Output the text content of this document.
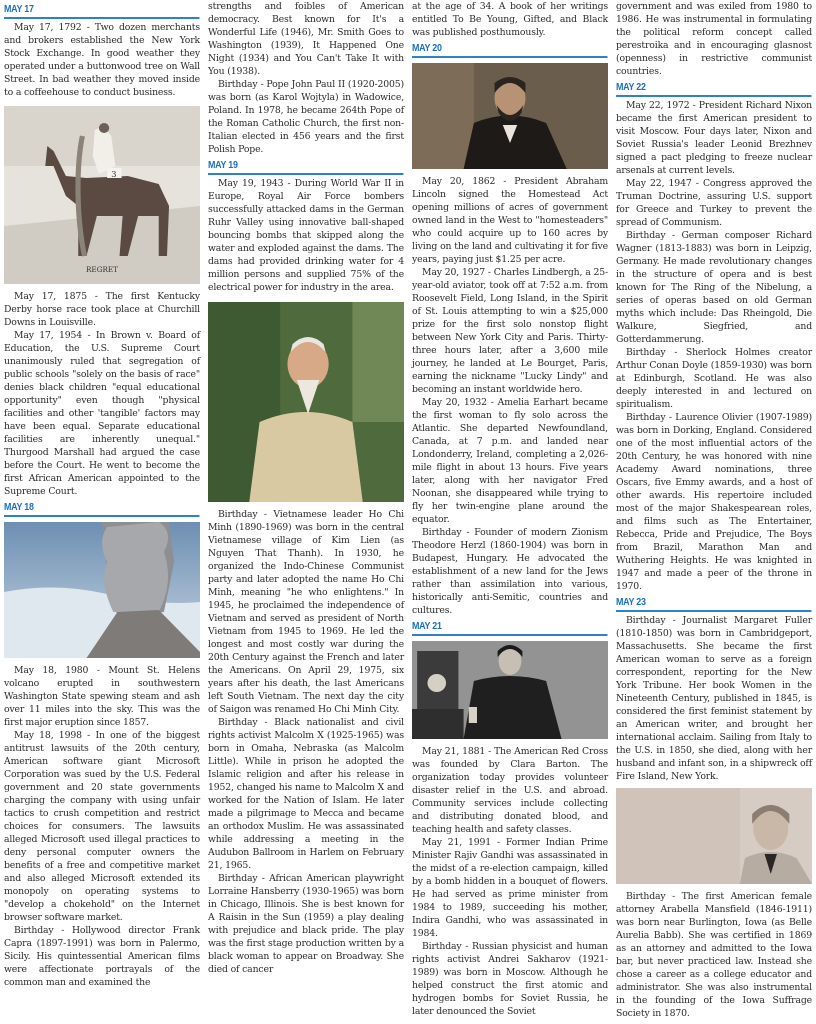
MAY 17

May 17, 1792 - Two dozen merchants and brokers established the New York Stock Exchange. In good weather they operated under a buttonwood tree on Wall Street. In bad weather they moved inside to a coffeehouse to conduct business.

3
REGRET

May 17, 1875 - The first Kentucky Derby horse race took place at Churchill Downs in Louisville.

May 17, 1954 - In Brown v. Board of Education, the U.S. Supreme Court unanimously ruled that segregation of public schools "solely on the basis of race" denies black children "equal educational opportunity" even though "physical facilities and other 'tangible' factors may have been equal. Separate educational facilities are inherently unequal." Thurgood Marshall had argued the case before the Court. He went to become the first African American appointed to the Supreme Court.

MAY 18

May 18, 1980 - Mount St. Helens volcano erupted in southwestern Washington State spewing steam and ash over 11 miles into the sky. This was the first major eruption since 1857.

May 18, 1998 - In one of the biggest antitrust lawsuits of the 20th century, American software giant Microsoft Corporation was sued by the U.S. Federal government and 20 state governments charging the company with using unfair tactics to crush competition and restrict choices for consumers. The lawsuits alleged Microsoft used illegal practices to deny personal computer owners the benefits of a free and competitive market and also alleged Microsoft extended its monopoly on operating systems to "develop a chokehold" on the Internet browser software market.

Birthday - Hollywood director Frank Capra (1897-1991) was born in Palermo, Sicily. His quintessential American films were affectionate portrayals of the common man and examined the

strengths and foibles of American democracy. Best known for It's a Wonderful Life (1946), Mr. Smith Goes to Washington (1939), It Happened One Night (1934) and You Can't Take It with You (1938).

Birthday - Pope John Paul II (1920-2005) was born (as Karol Wojtyla) in Wadowice, Poland. In 1978, he became 264th Pope of the Roman Catholic Church, the first non-Italian elected in 456 years and the first Polish Pope.

MAY 19

May 19, 1943 - During World War II in Europe, Royal Air Force bombers successfully attacked dams in the German Ruhr Valley using innovative ball-shaped bouncing bombs that skipped along the water and exploded against the dams. The dams had provided drinking water for 4 million persons and supplied 75% of the electrical power for industry in the area.

Birthday - Vietnamese leader Ho Chi Minh (1890-1969) was born in the central Vietnamese village of Kim Lien (as Nguyen That Thanh). In 1930, he organized the Indo-Chinese Communist party and later adopted the name Ho Chi Minh, meaning "he who enlightens." In 1945, he proclaimed the independence of Vietnam and served as president of North Vietnam from 1945 to 1969. He led the longest and most costly war during the 20th Century against the French and later the Americans. On April 29, 1975, six years after his death, the last Americans left South Vietnam. The next day the city of Saigon was renamed Ho Chi Minh City.

Birthday - Black nationalist and civil rights activist Malcolm X (1925-1965) was born in Omaha, Nebraska (as Malcolm Little). While in prison he adopted the Islamic religion and after his release in 1952, changed his name to Malcolm X and worked for the Nation of Islam. He later made a pilgrimage to Mecca and became an orthodox Muslim. He was assassinated while addressing a meeting in the Audubon Ballroom in Harlem on February 21, 1965.

Birthday - African American playwright Lorraine Hansberry (1930-1965) was born in Chicago, Illinois. She is best known for A Raisin in the Sun (1959) a play dealing with prejudice and black pride. The play was the first stage production written by a black woman to appear on Broadway. She died of cancer

at the age of 34. A book of her writings entitled To Be Young, Gifted, and Black was published posthumously.

MAY 20

May 20, 1862 - President Abraham Lincoln signed the Homestead Act opening millions of acres of government owned land in the West to "homesteaders" who could acquire up to 160 acres by living on the land and cultivating it for five years, paying just $1.25 per acre.

May 20, 1927 - Charles Lindbergh, a 25-year-old aviator, took off at 7:52 a.m. from Roosevelt Field, Long Island, in the Spirit of St. Louis attempting to win a $25,000 prize for the first solo nonstop flight between New York City and Paris. Thirty-three hours later, after a 3,600 mile journey, he landed at Le Bourget, Paris, earning the nickname "Lucky Lindy" and becoming an instant worldwide hero.

May 20, 1932 - Amelia Earhart became the first woman to fly solo across the Atlantic. She departed Newfoundland, Canada, at 7 p.m. and landed near Londonderry, Ireland, completing a 2,026-mile flight in about 13 hours. Five years later, along with her navigator Fred Noonan, she disappeared while trying to fly her twin-engine plane around the equator.

Birthday - Founder of modern Zionism Theodore Herzl (1860-1904) was born in Budapest, Hungary. He advocated the establishment of a new land for the Jews rather than assimilation into various, historically anti-Semitic, countries and cultures.

MAY 21

May 21, 1881 - The American Red Cross was founded by Clara Barton. The organization today provides volunteer disaster relief in the U.S. and abroad. Community services include collecting and distributing donated blood, and teaching health and safety classes.

May 21, 1991 - Former Indian Prime Minister Rajiv Gandhi was assassinated in the midst of a re-election campaign, killed by a bomb hidden in a bouquet of flowers. He had served as prime minister from 1984 to 1989, succeeding his mother, Indira Gandhi, who was assassinated in 1984.

Birthday - Russian physicist and human rights activist Andrei Sakharov (1921-1989) was born in Moscow. Although he helped construct the first atomic and hydrogen bombs for Soviet Russia, he later denounced the Soviet

government and was exiled from 1980 to 1986. He was instrumental in formulating the political reform concept called perestroika and in encouraging glasnost (openness) in restrictive communist countries.

MAY 22

May 22, 1972 - President Richard Nixon became the first American president to visit Moscow. Four days later, Nixon and Soviet Russia's leader Leonid Brezhnev signed a pact pledging to freeze nuclear arsenals at current levels.

May 22, 1947 - Congress approved the Truman Doctrine, assuring U.S. support for Greece and Turkey to prevent the spread of Communism.

Birthday - German composer Richard Wagner (1813-1883) was born in Leipzig, Germany. He made revolutionary changes in the structure of opera and is best known for The Ring of the Nibelung, a series of operas based on old German myths which include: Das Rheingold, Die Walkure, Siegfried, and Gotterdammerung.

Birthday - Sherlock Holmes creator Arthur Conan Doyle (1859-1930) was born at Edinburgh, Scotland. He was also deeply interested in and lectured on spiritualism.

Birthday - Laurence Olivier (1907-1989) was born in Dorking, England. Considered one of the most influential actors of the 20th Century, he was honored with nine Academy Award nominations, three Oscars, five Emmy awards, and a host of other awards. His repertoire included most of the major Shakespearean roles, and films such as The Entertainer, Rebecca, Pride and Prejudice, The Boys from Brazil, Marathon Man and Wuthering Heights. He was knighted in 1947 and made a peer of the throne in 1970.

MAY 23

Birthday - Journalist Margaret Fuller (1810-1850) was born in Cambridgeport, Massachusetts. She became the first American woman to serve as a foreign correspondent, reporting for the New York Tribune. Her book Women in the Nineteenth Century, published in 1845, is considered the first feminist statement by an American writer, and brought her international acclaim. Sailing from Italy to the U.S. in 1850, she died, along with her husband and infant son, in a shipwreck off Fire Island, New York.

Birthday - The first American female attorney Arabella Mansfield (1846-1911) was born near Burlington, Iowa (as Belle Aurelia Babb). She was certified in 1869 as an attorney and admitted to the Iowa bar, but never practiced law. Instead she chose a career as a college educator and administrator. She was also instrumental in the founding of the Iowa Suffrage Society in 1870.
